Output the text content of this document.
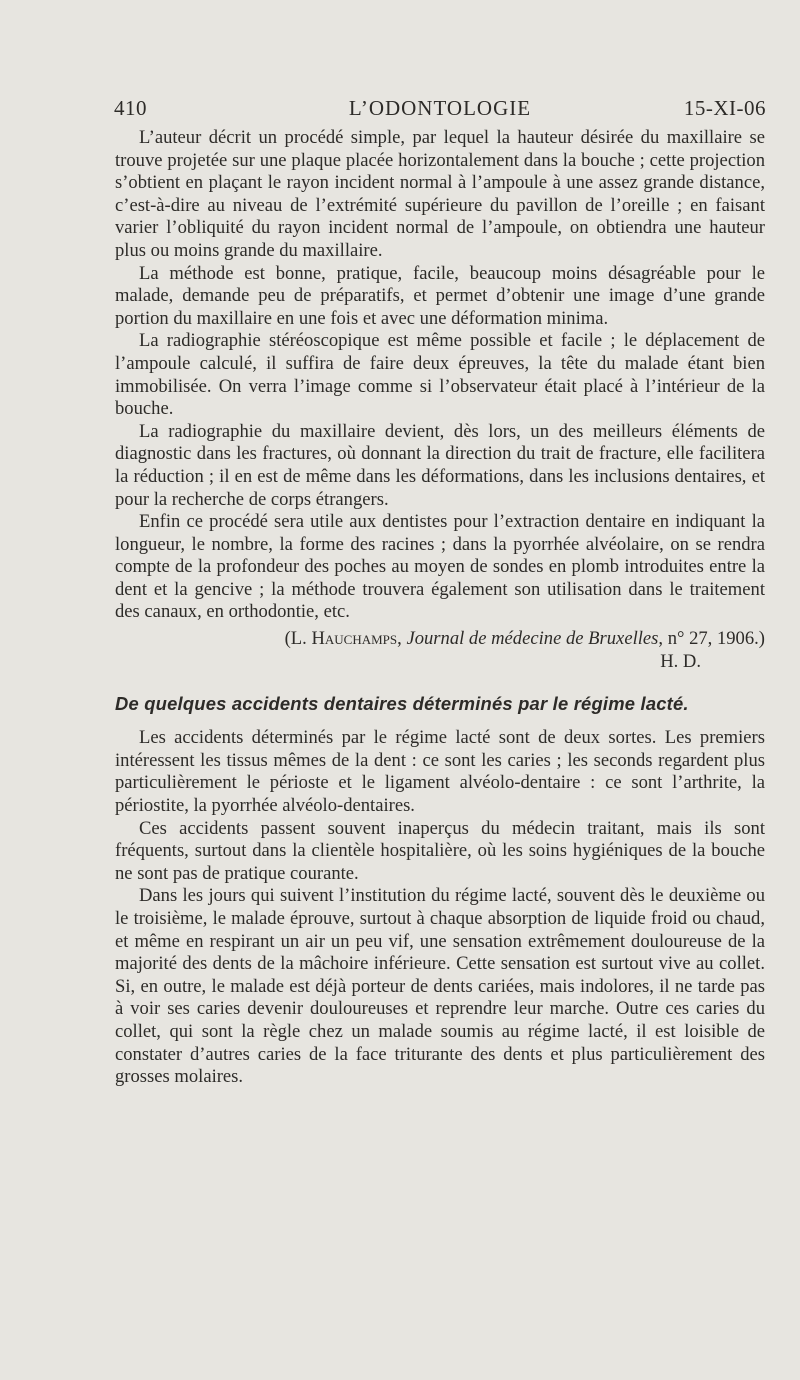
410	L’ODONTOLOGIE	15-XI-06

L’auteur décrit un procédé simple, par lequel la hauteur désirée du maxillaire se trouve projetée sur une plaque placée horizontalement dans la bouche ; cette projection s’obtient en plaçant le rayon incident normal à l’ampoule à une assez grande distance, c’est-à-dire au niveau de l’extrémité supérieure du pavillon de l’oreille ; en faisant varier l’obliquité du rayon incident normal de l’ampoule, on obtiendra une hauteur plus ou moins grande du maxillaire.

La méthode est bonne, pratique, facile, beaucoup moins désagréable pour le malade, demande peu de préparatifs, et permet d’obtenir une image d’une grande portion du maxillaire en une fois et avec une déformation minima.

La radiographie stéréoscopique est même possible et facile ; le déplacement de l’ampoule calculé, il suffira de faire deux épreuves, la tête du malade étant bien immobilisée. On verra l’image comme si l’observateur était placé à l’intérieur de la bouche.

La radiographie du maxillaire devient, dès lors, un des meilleurs éléments de diagnostic dans les fractures, où donnant la direction du trait de fracture, elle facilitera la réduction ; il en est de même dans les déformations, dans les inclusions dentaires, et pour la recherche de corps étrangers.

Enfin ce procédé sera utile aux dentistes pour l’extraction dentaire en indiquant la longueur, le nombre, la forme des racines ; dans la pyorrhée alvéolaire, on se rendra compte de la profondeur des poches au moyen de sondes en plomb introduites entre la dent et la gencive ; la méthode trouvera également son utilisation dans le traitement des canaux, en orthodontie, etc.

(L. Hauchamps, Journal de médecine de Bruxelles, n° 27, 1906.)
H. D.
De quelques accidents dentaires déterminés par le régime lacté.

Les accidents déterminés par le régime lacté sont de deux sortes. Les premiers intéressent les tissus mêmes de la dent : ce sont les caries ; les seconds regardent plus particulièrement le périoste et le ligament alvéolo-dentaire : ce sont l’arthrite, la périostite, la pyorrhée alvéolo-dentaires.

Ces accidents passent souvent inaperçus du médecin traitant, mais ils sont fréquents, surtout dans la clientèle hospitalière, où les soins hygiéniques de la bouche ne sont pas de pratique courante.

Dans les jours qui suivent l’institution du régime lacté, souvent dès le deuxième ou le troisième, le malade éprouve, surtout à chaque absorption de liquide froid ou chaud, et même en respirant un air un peu vif, une sensation extrêmement douloureuse de la majorité des dents de la mâchoire inférieure. Cette sensation est surtout vive au collet. Si, en outre, le malade est déjà porteur de dents cariées, mais indolores, il ne tarde pas à voir ses caries devenir douloureuses et reprendre leur marche. Outre ces caries du collet, qui sont la règle chez un malade soumis au régime lacté, il est loisible de constater d’autres caries de la face triturante des dents et plus particulièrement des grosses molaires.
